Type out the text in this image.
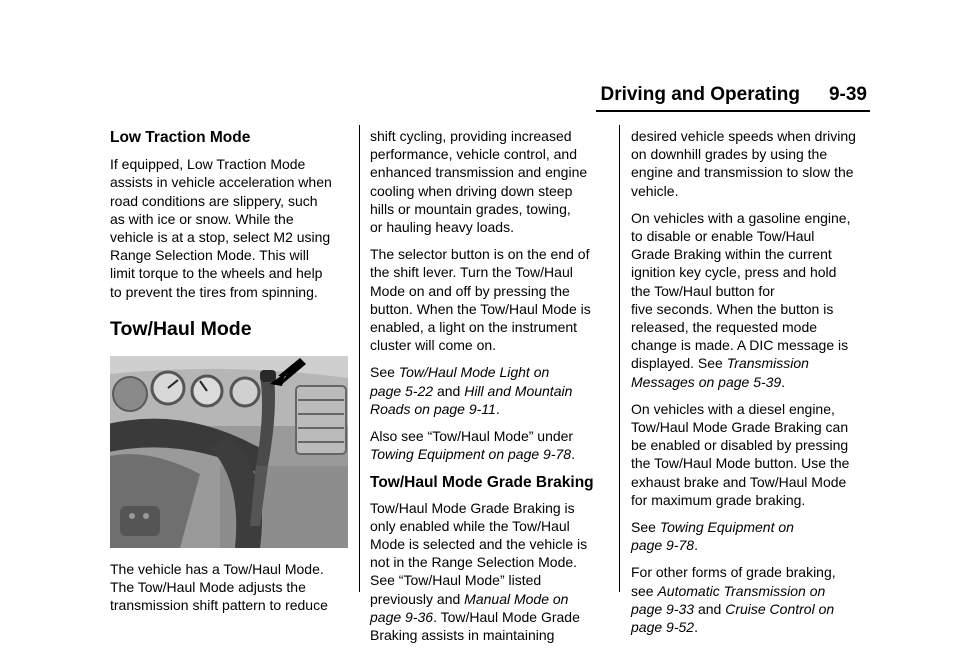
Driving and Operating 9-39
Low Traction Mode

If equipped, Low Traction Mode
assists in vehicle acceleration when
road conditions are slippery, such
as with ice or snow. While the
vehicle is at a stop, select M2 using
Range Selection Mode. This will
limit torque to the wheels and help
to prevent the tires from spinning.

Tow/Haul Mode

The vehicle has a Tow/Haul Mode.
The Tow/Haul Mode adjusts the
transmission shift pattern to reduce

shift cycling, providing increased
performance, vehicle control, and
enhanced transmission and engine
cooling when driving down steep
hills or mountain grades, towing,
or hauling heavy loads.

The selector button is on the end of
the shift lever. Turn the Tow/Haul
Mode on and off by pressing the
button. When the Tow/Haul Mode is
enabled, a light on the instrument
cluster will come on.

See Tow/Haul Mode Light on
page 5-22 and Hill and Mountain
Roads on page 9-11.

Also see “Tow/Haul Mode” under
Towing Equipment on page 9-78.

Tow/Haul Mode Grade Braking

Tow/Haul Mode Grade Braking is
only enabled while the Tow/Haul
Mode is selected and the vehicle is
not in the Range Selection Mode.
See “Tow/Haul Mode” listed
previously and Manual Mode on
page 9-36. Tow/Haul Mode Grade
Braking assists in maintaining

desired vehicle speeds when driving
on downhill grades by using the
engine and transmission to slow the
vehicle.

On vehicles with a gasoline engine,
to disable or enable Tow/Haul
Grade Braking within the current
ignition key cycle, press and hold
the Tow/Haul button for
five seconds. When the button is
released, the requested mode
change is made. A DIC message is
displayed. See Transmission
Messages on page 5-39.

On vehicles with a diesel engine,
Tow/Haul Mode Grade Braking can
be enabled or disabled by pressing
the Tow/Haul Mode button. Use the
exhaust brake and Tow/Haul Mode
for maximum grade braking.

See Towing Equipment on
page 9-78.

For other forms of grade braking,
see Automatic Transmission on
page 9-33 and Cruise Control on
page 9-52.
